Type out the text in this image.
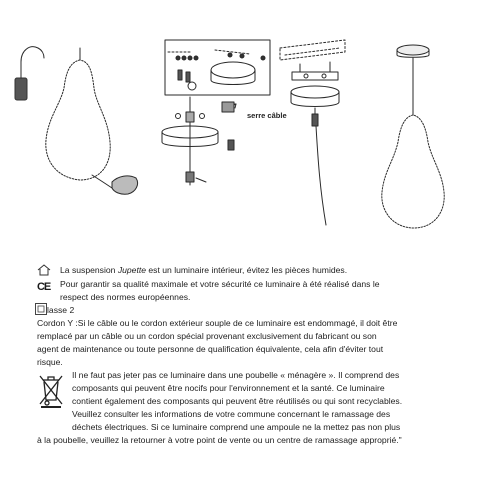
serre câble
La suspension Jupette est un luminaire intérieur, évitez les pièces humides.
C E Pour garantir sa qualité maximale et votre sécurité ce luminaire à été réalisé dans le
respect des normes européennes.
lasse 2
Cordon Y :Si le câble ou le cordon extérieur souple de ce luminaire est endommagé, il doit être
remplacé par un câble ou un cordon spécial provenant exclusivement du fabricant ou son
agent de maintenance ou toute personne de qualification équivalente, cela afin d'éviter tout
risque.
Il ne faut pas jeter pas ce luminaire dans une poubelle « ménagère ». Il comprend des
composants qui peuvent être nocifs pour l'environnement et la santé. Ce luminaire
contient également des composants qui peuvent être réutilisés ou qui sont recyclables.
Veuillez consulter les informations de votre commune concernant le ramassage des
déchets électriques. Si ce luminaire comprend une ampoule ne la mettez pas non plus
à la poubelle, veuillez la retourner à votre point de vente ou un centre de ramassage approprié."
